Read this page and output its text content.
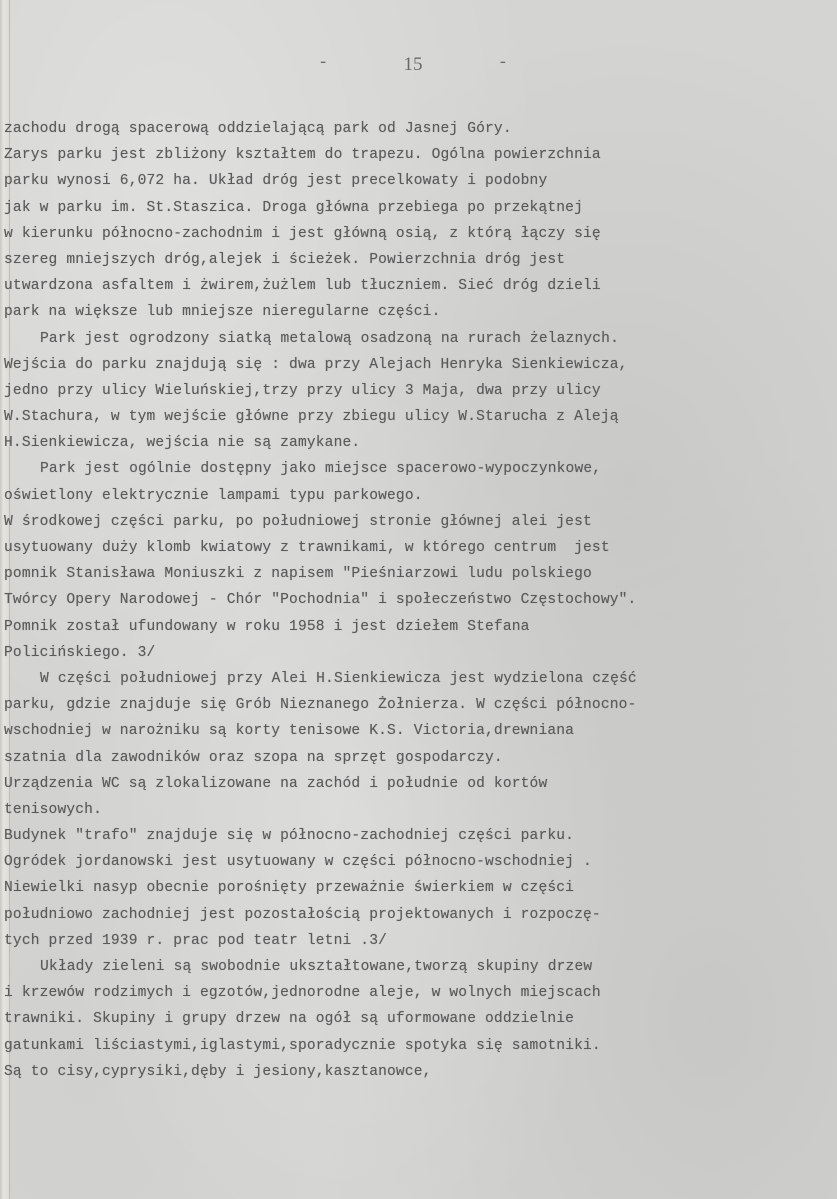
-	15	-
zachodu drogą spacerową oddzielającą park od Jasnej Góry.
Zarys parku jest zbliżony kształtem do trapezu. Ogólna powierzchnia
parku wynosi 6,072 ha. Układ dróg jest precelkowaty i podobny
jak w parku im. St.Staszica. Droga główna przebiega po przekątnej
w kierunku północno-zachodnim i jest główną osią, z którą łączy się
szereg mniejszych dróg,alejek i ścieżek. Powierzchnia dróg jest
utwardzona asfaltem i żwirem,żużlem lub tłuczniem. Sieć dróg dzieli
park na większe lub mniejsze nieregularne części.
Park jest ogrodzony siatką metalową osadzoną na rurach żelaznych.
Wejścia do parku znajdują się : dwa przy Alejach Henryka Sienkiewicza,
jedno przy ulicy Wieluńskiej,trzy przy ulicy 3 Maja, dwa przy ulicy
W.Stachura, w tym wejście główne przy zbiegu ulicy W.Starucha z Aleją
H.Sienkiewicza, wejścia nie są zamykane.
Park jest ogólnie dostępny jako miejsce spacerowo-wypoczynkowe,
oświetlony elektrycznie lampami typu parkowego.
W środkowej części parku, po południowej stronie głównej alei jest
usytuowany duży klomb kwiatowy z trawnikami, w którego centrum  jest
pomnik Stanisława Moniuszki z napisem "Pieśniarzowi ludu polskiego
Twórcy Opery Narodowej - Chór "Pochodnia" i społeczeństwo Częstochowy".
Pomnik został ufundowany w roku 1958 i jest dziełem Stefana
Policińskiego. 3/
W części południowej przy Alei H.Sienkiewicza jest wydzielona część
parku, gdzie znajduje się Grób Nieznanego Żołnierza. W części północno-
wschodniej w narożniku są korty tenisowe K.S. Victoria,drewniana
szatnia dla zawodników oraz szopa na sprzęt gospodarczy.
Urządzenia WC są zlokalizowane na zachód i południe od kortów
tenisowych.
Budynek "trafo" znajduje się w północno-zachodniej części parku.
Ogródek jordanowski jest usytuowany w części północno-wschodniej .
Niewielki nasyp obecnie porośnięty przeważnie świerkiem w części
południowo zachodniej jest pozostałością projektowanych i rozpoczę-
tych przed 1939 r. prac pod teatr letni .3/
Układy zieleni są swobodnie ukształtowane,tworzą skupiny drzew
i krzewów rodzimych i egzotów,jednorodne aleje, w wolnych miejscach
trawniki. Skupiny i grupy drzew na ogół są uformowane oddzielnie
gatunkami liściastymi,iglastymi,sporadycznie spotyka się samotniki.
Są to cisy,cyprysiki,dęby i jesiony,kasztanowce,
